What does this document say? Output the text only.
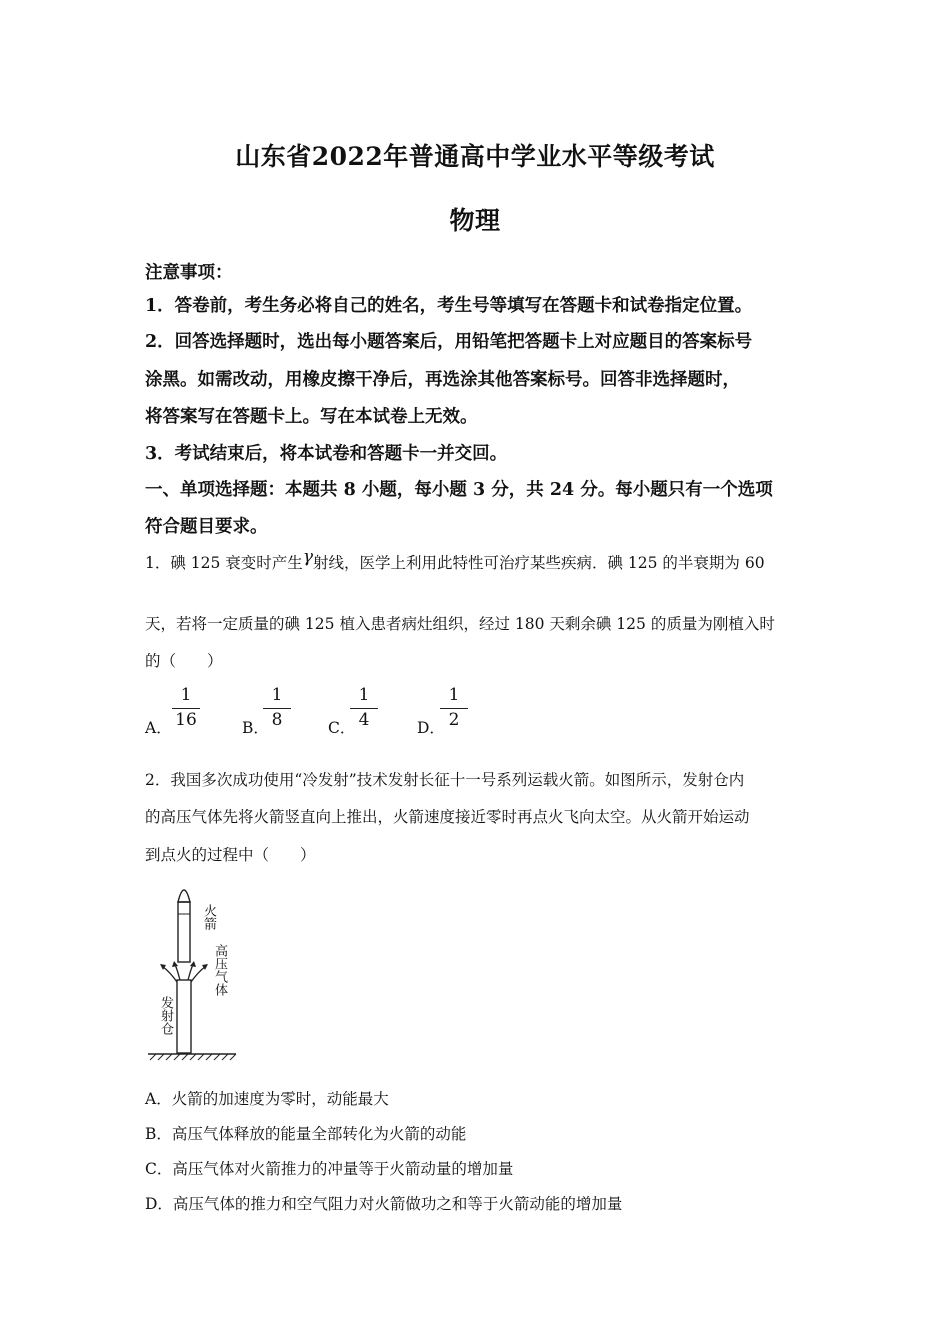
山东省2022年普通高中学业水平等级考试
物理
注意事项：
1．答卷前，考生务必将自己的姓名，考生号等填写在答题卡和试卷指定位置。
2．回答选择题时，选出每小题答案后，用铅笔把答题卡上对应题目的答案标号
涂黑。如需改动，用橡皮擦干净后，再选涂其他答案标号。回答非选择题时，
将答案写在答题卡上。写在本试卷上无效。
3．考试结束后，将本试卷和答题卡一并交回。
一、单项选择题：本题共 8 小题，每小题 3 分，共 24 分。每小题只有一个选项
符合题目要求。
1．碘 125 衰变时产生γ射线，医学上利用此特性可治疗某些疾病．碘 125 的半衰期为 60
天，若将一定质量的碘 125 植入患者病灶组织，经过 180 天剩余碘 125 的质量为刚植入时
的（　　）
A．
1
16	B．
1
8	C．
1
4	D．
1
2
2．我国多次成功使用“冷发射”技术发射长征十一号系列运载火箭。如图所示，发射仓内
的高压气体先将火箭竖直向上推出，火箭速度接近零时再点火飞向太空。从火箭开始运动
到点火的过程中（　　）
火箭
高压气体
发射仓
A．火箭的加速度为零时，动能最大
B．高压气体释放的能量全部转化为火箭的动能
C．高压气体对火箭推力的冲量等于火箭动量的增加量
D．高压气体的推力和空气阻力对火箭做功之和等于火箭动能的增加量
